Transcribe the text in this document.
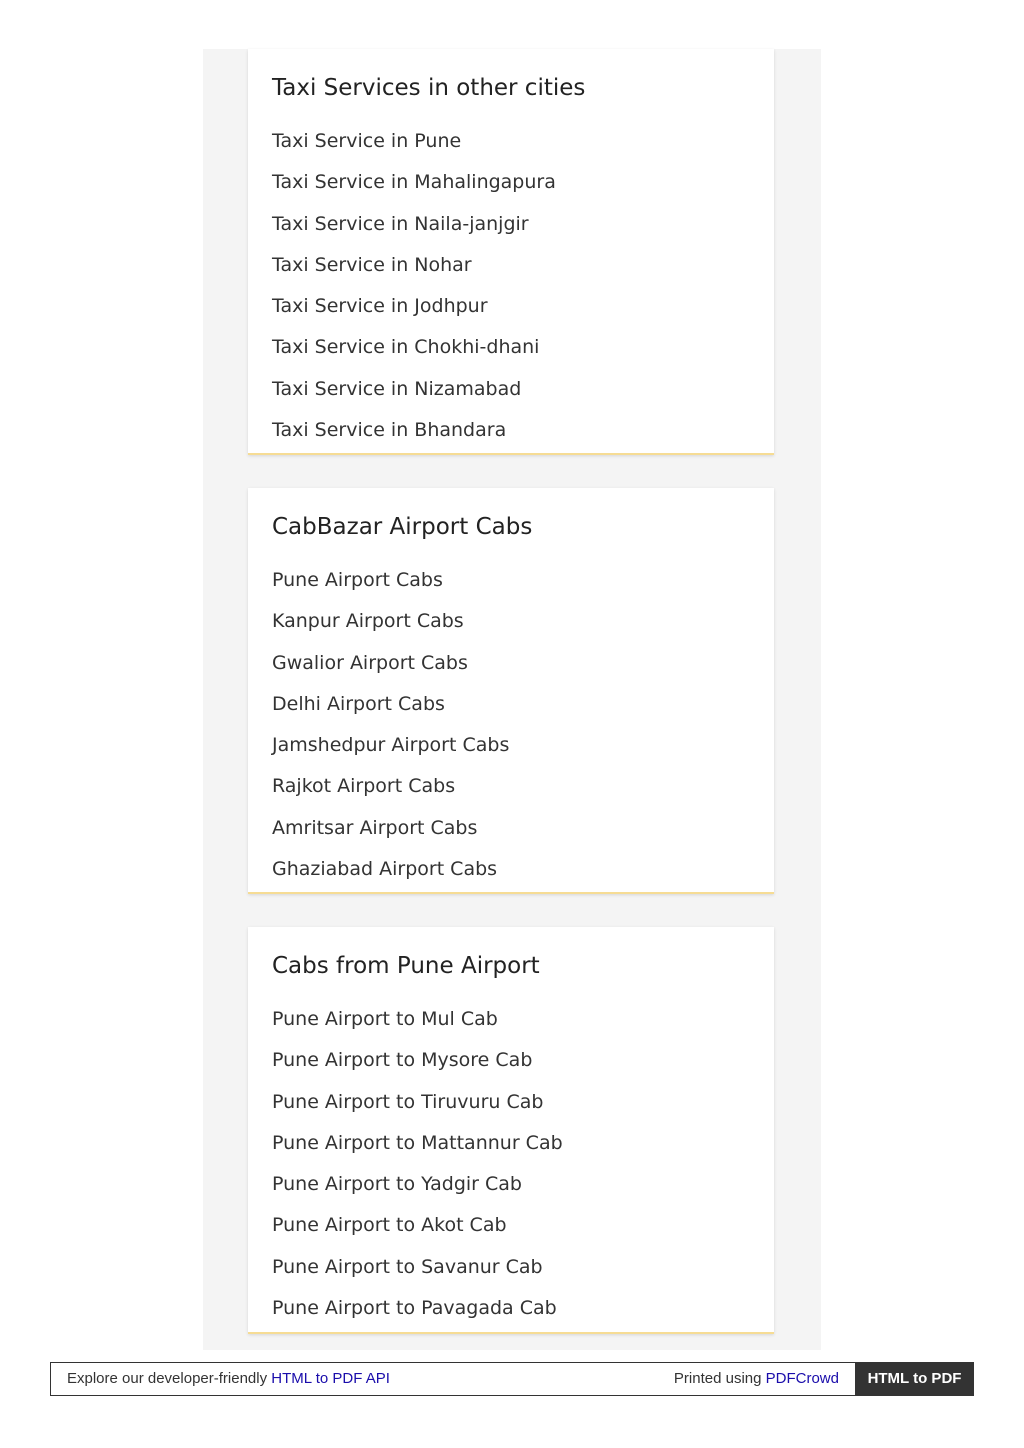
Taxi Services in other cities
Taxi Service in Pune
Taxi Service in Mahalingapura
Taxi Service in Naila-janjgir
Taxi Service in Nohar
Taxi Service in Jodhpur
Taxi Service in Chokhi-dhani
Taxi Service in Nizamabad
Taxi Service in Bhandara
CabBazar Airport Cabs
Pune Airport Cabs
Kanpur Airport Cabs
Gwalior Airport Cabs
Delhi Airport Cabs
Jamshedpur Airport Cabs
Rajkot Airport Cabs
Amritsar Airport Cabs
Ghaziabad Airport Cabs
Cabs from Pune Airport
Pune Airport to Mul Cab
Pune Airport to Mysore Cab
Pune Airport to Tiruvuru Cab
Pune Airport to Mattannur Cab
Pune Airport to Yadgir Cab
Pune Airport to Akot Cab
Pune Airport to Savanur Cab
Pune Airport to Pavagada Cab
Explore our developer-friendly HTML to PDF API	Printed using PDFCrowd	HTML to PDF
